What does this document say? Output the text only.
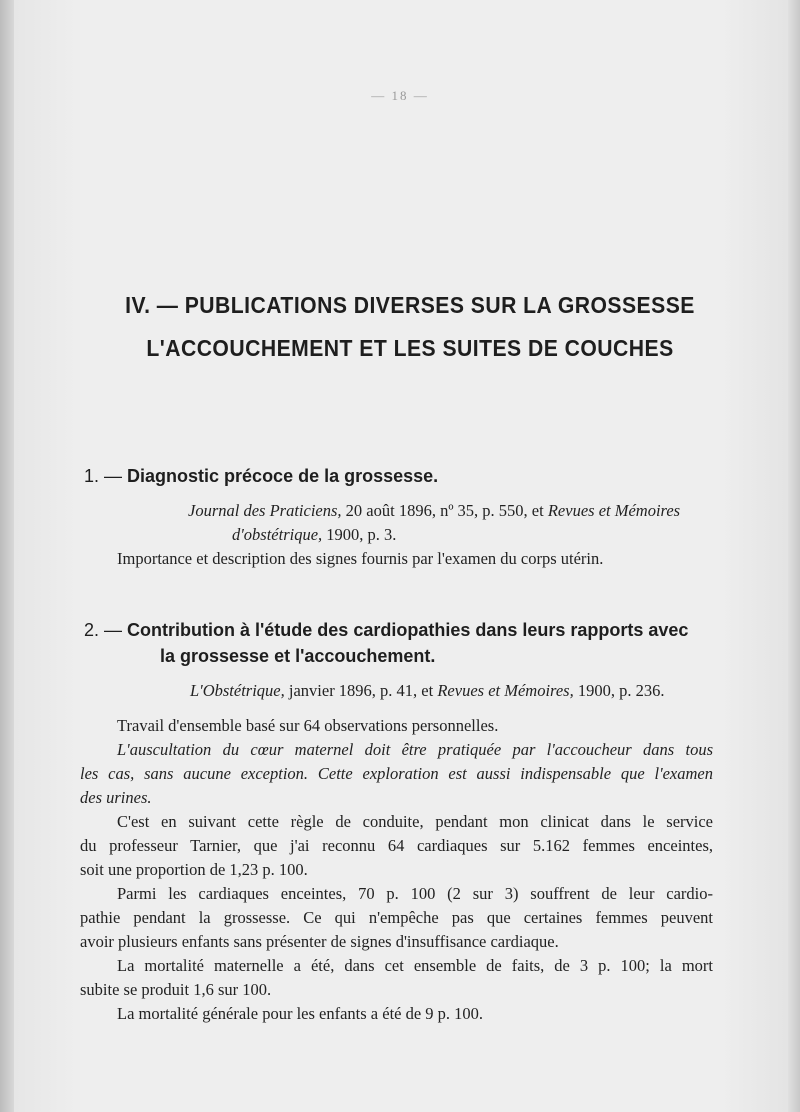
— 18 —
IV. — PUBLICATIONS DIVERSES SUR LA GROSSESSE
L'ACCOUCHEMENT ET LES SUITES DE COUCHES
1. — Diagnostic précoce de la grossesse.
Journal des Praticiens, 20 août 1896, nº 35, p. 550, et Revues et Mémoires
d'obstétrique, 1900, p. 3.
Importance et description des signes fournis par l'examen du corps utérin.
2. — Contribution à l'étude des cardiopathies dans leurs rapports avec
la grossesse et l'accouchement.
L'Obstétrique, janvier 1896, p. 41, et Revues et Mémoires, 1900, p. 236.
Travail d'ensemble basé sur 64 observations personnelles.
L'auscultation du cœur maternel doit être pratiquée par l'accoucheur dans tous
les cas, sans aucune exception. Cette exploration est aussi indispensable que l'examen
des urines.
C'est en suivant cette règle de conduite, pendant mon clinicat dans le service
du professeur Tarnier, que j'ai reconnu 64 cardiaques sur 5.162 femmes enceintes,
soit une proportion de 1,23 p. 100.
Parmi les cardiaques enceintes, 70 p. 100 (2 sur 3) souffrent de leur cardio-
pathie pendant la grossesse. Ce qui n'empêche pas que certaines femmes peuvent
avoir plusieurs enfants sans présenter de signes d'insuffisance cardiaque.
La mortalité maternelle a été, dans cet ensemble de faits, de 3 p. 100; la mort
subite se produit 1,6 sur 100.
La mortalité générale pour les enfants a été de 9 p. 100.
